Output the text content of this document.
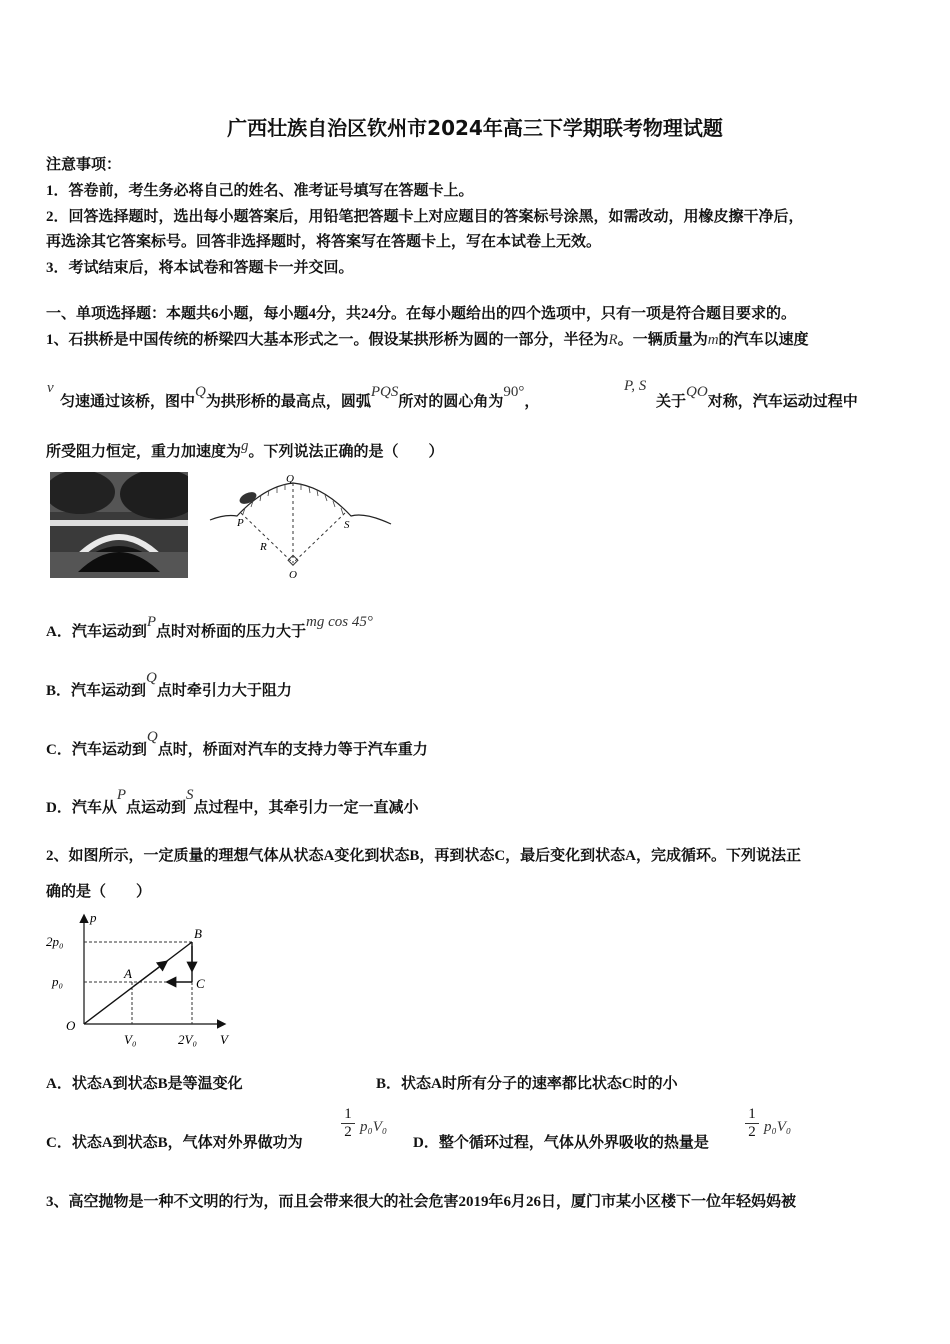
广西壮族自治区钦州市2024年高三下学期联考物理试题
注意事项：
1．答卷前，考生务必将自己的姓名、准考证号填写在答题卡上。
2．回答选择题时，选出每小题答案后，用铅笔把答题卡上对应题目的答案标号涂黑，如需改动，用橡皮擦干净后，
再选涂其它答案标号。回答非选择题时，将答案写在答题卡上，写在本试卷上无效。
3．考试结束后，将本试卷和答题卡一并交回。
一、单项选择题：本题共6小题，每小题4分，共24分。在每小题给出的四个选项中，只有一项是符合题目要求的。
1、石拱桥是中国传统的桥梁四大基本形式之一。假设某拱形桥为圆的一部分，半径为R。一辆质量为m的汽车以速度
v
匀速通过该桥，图中Q为拱形桥的最高点，圆弧PQS所对的圆心角为90°，
P, S
关于QO对称，汽车运动过程中
所受阻力恒定，重力加速度为g。下列说法正确的是（　　）
Q
P	S
R
O
A．汽车运动到P点时对桥面的压力大于mg cos 45°
B．汽车运动到Q点时牵引力大于阻力
C．汽车运动到Q点时，桥面对汽车的支持力等于汽车重力
D．汽车从P点运动到S点过程中，其牵引力一定一直减小
2、如图所示，一定质量的理想气体从状态A变化到状态B，再到状态C，最后变化到状态A，完成循环。下列说法正
确的是（　　）
p
V
O
2p₀
p₀
V₀	2V₀
A
B
C
A．状态A到状态B是等温变化	B．状态A时所有分子的速率都比状态C时的小
C．状态A到状态B，气体对外界做功为
$\frac{1}{2} p_0V_0$
D．整个循环过程，气体从外界吸收的热量是
$\frac{1}{2} p_0V_0$
3、高空抛物是一种不文明的行为，而且会带来很大的社会危害2019年6月26日，厦门市某小区楼下一位年轻妈妈被
